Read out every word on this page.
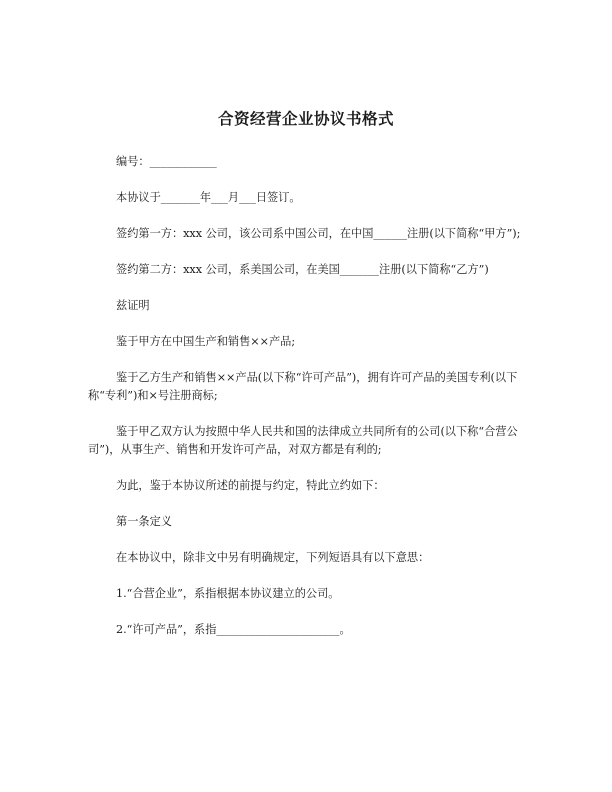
合资经营企业协议书格式

编号：____________

本协议于_______年___月___日签订。

签约第一方：xxx 公司，该公司系中国公司，在中国______注册(以下简称“甲方”);

签约第二方：xxx 公司，系美国公司，在美国_______注册(以下简称“乙方”)

兹证明

鉴于甲方在中国生产和销售××产品;

鉴于乙方生产和销售××产品(以下称“许可产品”)，拥有许可产品的美国专利(以下称“专利”)和×号注册商标;

鉴于甲乙双方认为按照中华人民共和国的法律成立共同所有的公司(以下称“合营公司”)，从事生产、销售和开发许可产品，对双方都是有利的;

为此，鉴于本协议所述的前提与约定，特此立约如下：

第一条定义

在本协议中，除非文中另有明确规定，下列短语具有以下意思：

1.“合营企业”，系指根据本协议建立的公司。

2.“许可产品”，系指______________________。
